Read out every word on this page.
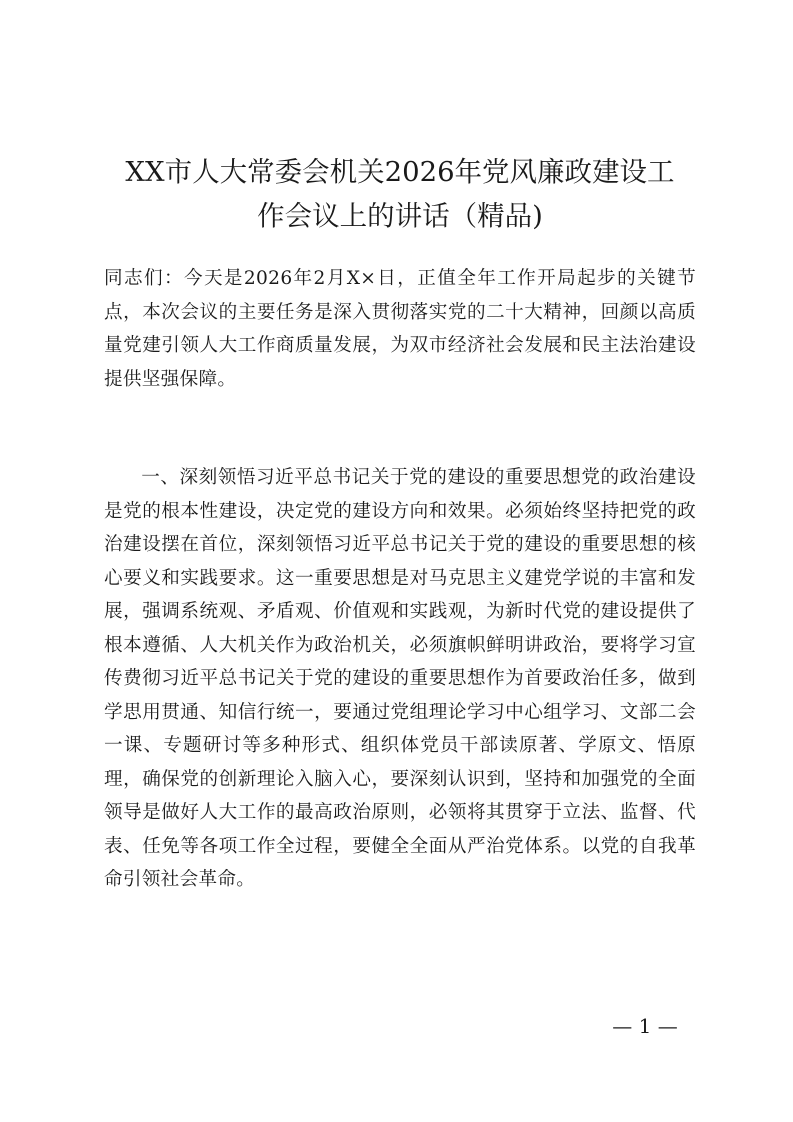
XX市人大常委会机关2026年党风廉政建设工
作会议上的讲话（精品)

同志们：今天是2026年2月X×日，正值全年工作开局起步的关键节点，本次会议的主要任务是深入贯彻落实党的二十大精神，回颜以高质量党建引领人大工作商质量发展，为双市经济社会发展和民主法治建设提供坚强保障。

一、深刻领悟习近平总书记关于党的建设的重要思想党的政治建设是党的根本性建设，决定党的建设方向和效果。必须始终坚持把党的政治建设摆在首位，深刻领悟习近平总书记关于党的建设的重要思想的核心要义和实践要求。这一重要思想是对马克思主义建党学说的丰富和发展，强调系统观、矛盾观、价值观和实践观，为新时代党的建设提供了根本遵循、人大机关作为政治机关，必须旗帜鲜明讲政治，要将学习宣传费彻习近平总书记关于党的建设的重要思想作为首要政治任多，做到学思用贯通、知信行统一，要通过党组理论学习中心组学习、文部二会一课、专题研讨等多种形式、组织体党员干部读原著、学原文、悟原理，确保党的创新理论入脑入心，要深刻认识到，坚持和加强党的全面领导是做好人大工作的最高政治原则，必领将其贯穿于立法、监督、代表、任免等各项工作全过程，要健全全面从严治党体系。以党的自我革命引领社会革命。

— 1 —
